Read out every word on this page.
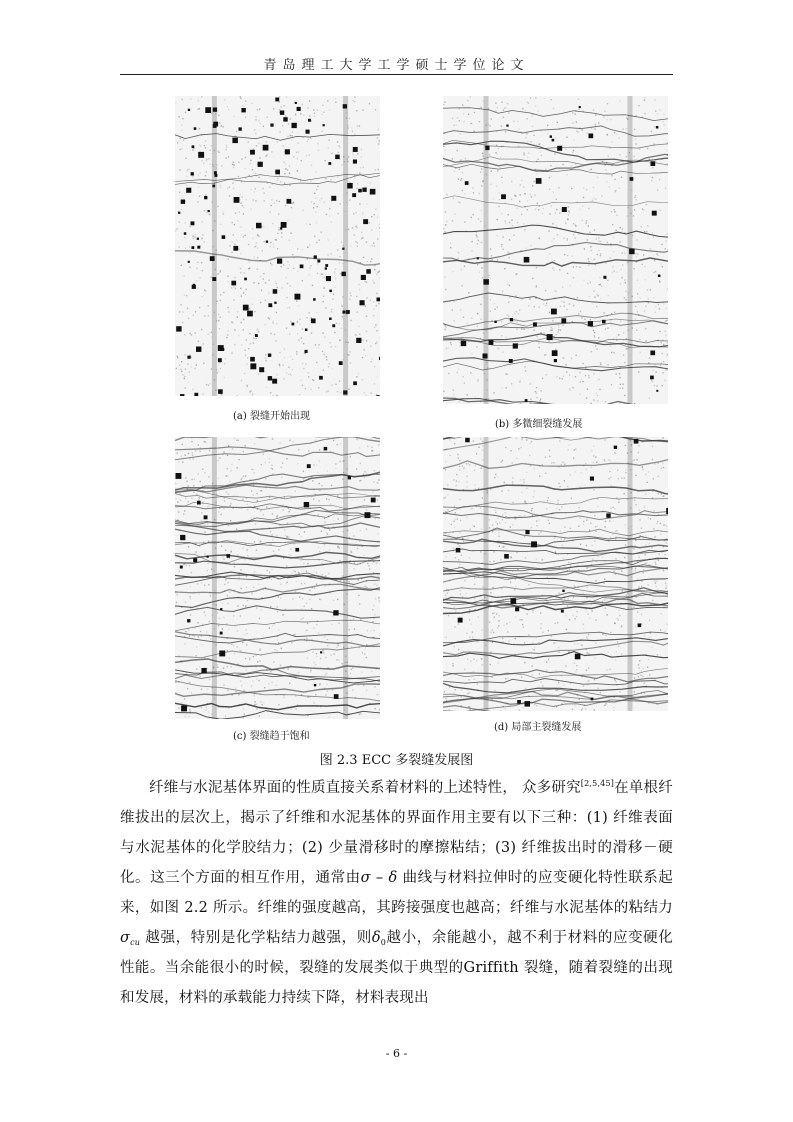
青岛理工大学工学硕士学位论文
(a) 裂缝开始出现
(b) 多微细裂缝发展
(c) 裂缝趋于饱和
(d) 局部主裂缝发展
图 2.3 ECC 多裂缝发展图
纤维与水泥基体界面的性质直接关系着材料的上述特性， 众多研究[2,5,45]在单根纤维拔出的层次上，揭示了纤维和水泥基体的界面作用主要有以下三种：(1) 纤维表面与水泥基体的化学胶结力；(2) 少量滑移时的摩擦粘结；(3) 纤维拔出时的滑移－硬化。这三个方面的相互作用，通常由σ – δ 曲线与材料拉伸时的应变硬化特性联系起来，如图 2.2 所示。纤维的强度越高，其跨接强度也越高；纤维与水泥基体的粘结力$\sigma_{cu}$ 越强，特别是化学粘结力越强，则$\delta_0$越小，余能越小，越不利于材料的应变硬化性能。当余能很小的时候，裂缝的发展类似于典型的Griffith 裂缝，随着裂缝的出现和发展，材料的承载能力持续下降，材料表现出
- 6 -
